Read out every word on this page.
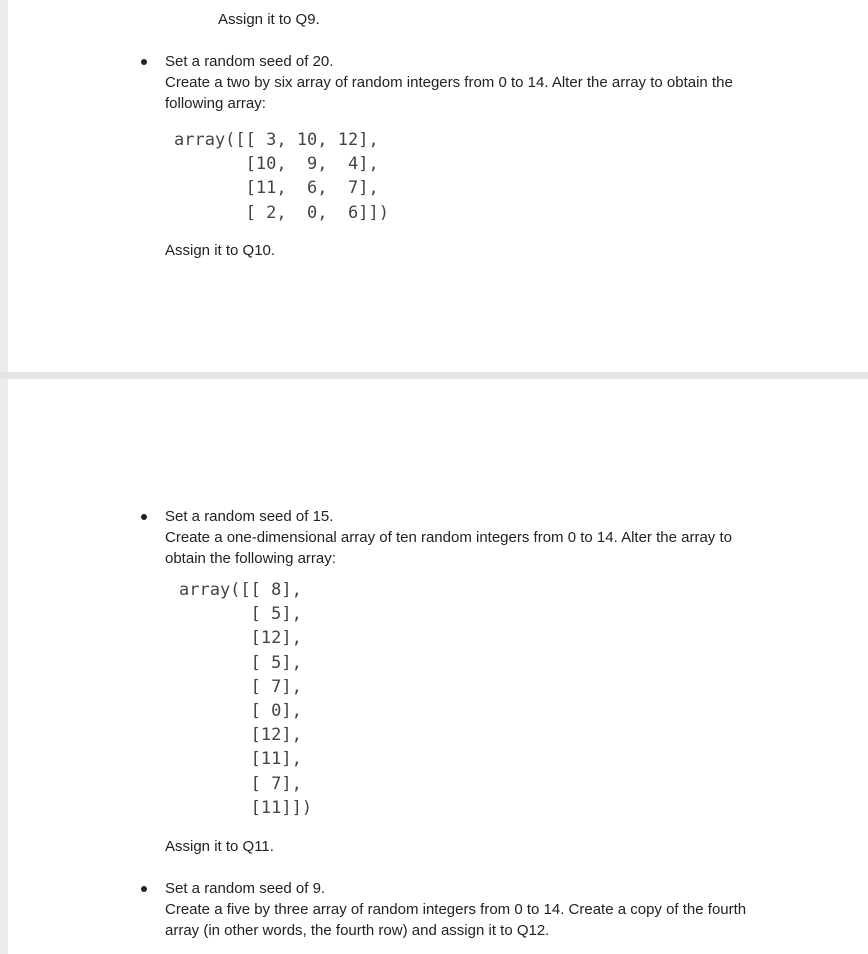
Assign it to Q9.
Set a random seed of 20.
Create a two by six array of random integers from 0 to 14. Alter the array to obtain the
following array:
array([[ 3, 10, 12],
[10,  9,  4],
[11,  6,  7],
[ 2,  0,  6]])
Assign it to Q10.
Set a random seed of 15.
Create a one-dimensional array of ten random integers from 0 to 14. Alter the array to
obtain the following array:
array([[ 8],
[ 5],
[12],
[ 5],
[ 7],
[ 0],
[12],
[11],
[ 7],
[11]])
Assign it to Q11.
Set a random seed of 9.
Create a five by three array of random integers from 0 to 14. Create a copy of the fourth
array (in other words, the fourth row) and assign it to Q12.
